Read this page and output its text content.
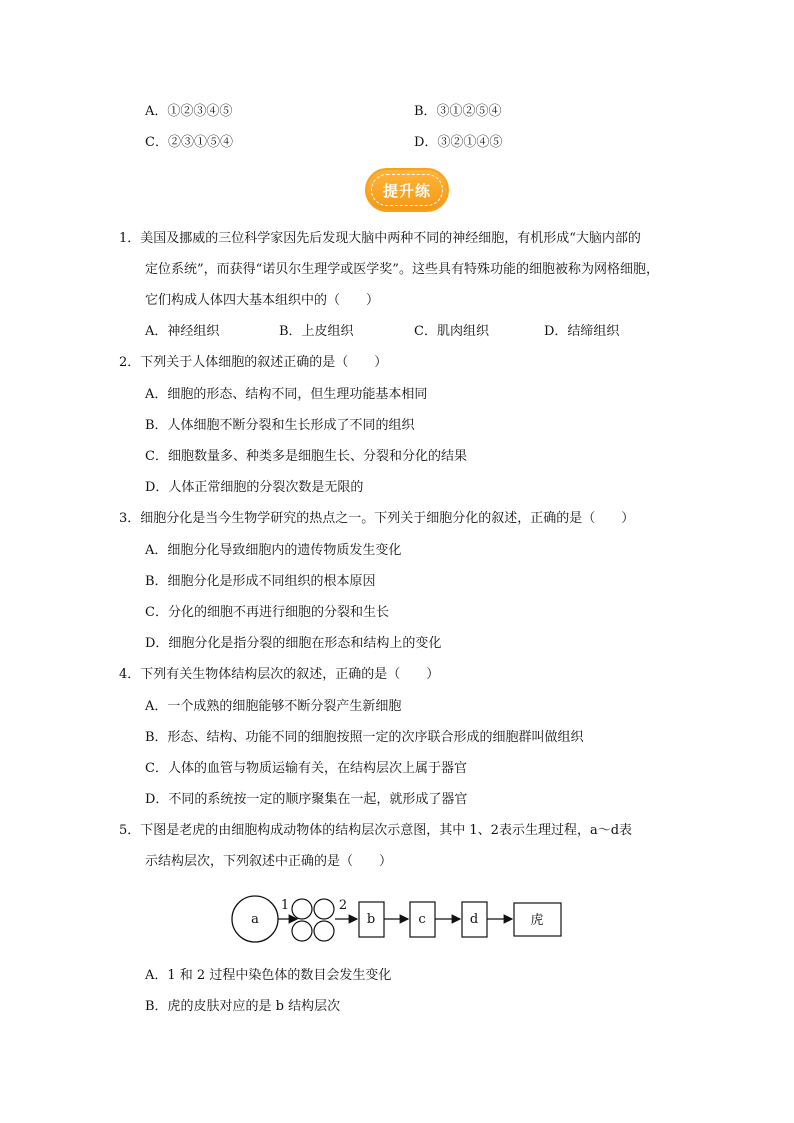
A．①②③④⑤	B．③①②⑤④
C．②③①⑤④	D．③②①④⑤
提升练
1．美国及挪威的三位科学家因先后发现大脑中两种不同的神经细胞，有机形成“大脑内部的
定位系统”，而获得“诺贝尔生理学或医学奖”。这些具有特殊功能的细胞被称为网格细胞，
它们构成人体四大基本组织中的（　　）
A．神经组织	B．上皮组织	C．肌肉组织	D．结缔组织
2．下列关于人体细胞的叙述正确的是（　　）
A．细胞的形态、结构不同，但生理功能基本相同
B．人体细胞不断分裂和生长形成了不同的组织
C．细胞数量多、种类多是细胞生长、分裂和分化的结果
D．人体正常细胞的分裂次数是无限的
3．细胞分化是当今生物学研究的热点之一。下列关于细胞分化的叙述，正确的是（　　）
A．细胞分化导致细胞内的遗传物质发生变化
B．细胞分化是形成不同组织的根本原因
C．分化的细胞不再进行细胞的分裂和生长
D．细胞分化是指分裂的细胞在形态和结构上的变化
4．下列有关生物体结构层次的叙述，正确的是（　　）
A．一个成熟的细胞能够不断分裂产生新细胞
B．形态、结构、功能不同的细胞按照一定的次序联合形成的细胞群叫做组织
C．人体的血管与物质运输有关，在结构层次上属于器官
D．不同的系统按一定的顺序聚集在一起，就形成了器官
5．下图是老虎的由细胞构成动物体的结构层次示意图，其中 1、2表示生理过程，a～d表
示结构层次，下列叙述中正确的是（　　）
a
1	2
b	c	d	虎
A．1 和 2 过程中染色体的数目会发生变化
B．虎的皮肤对应的是 b 结构层次
